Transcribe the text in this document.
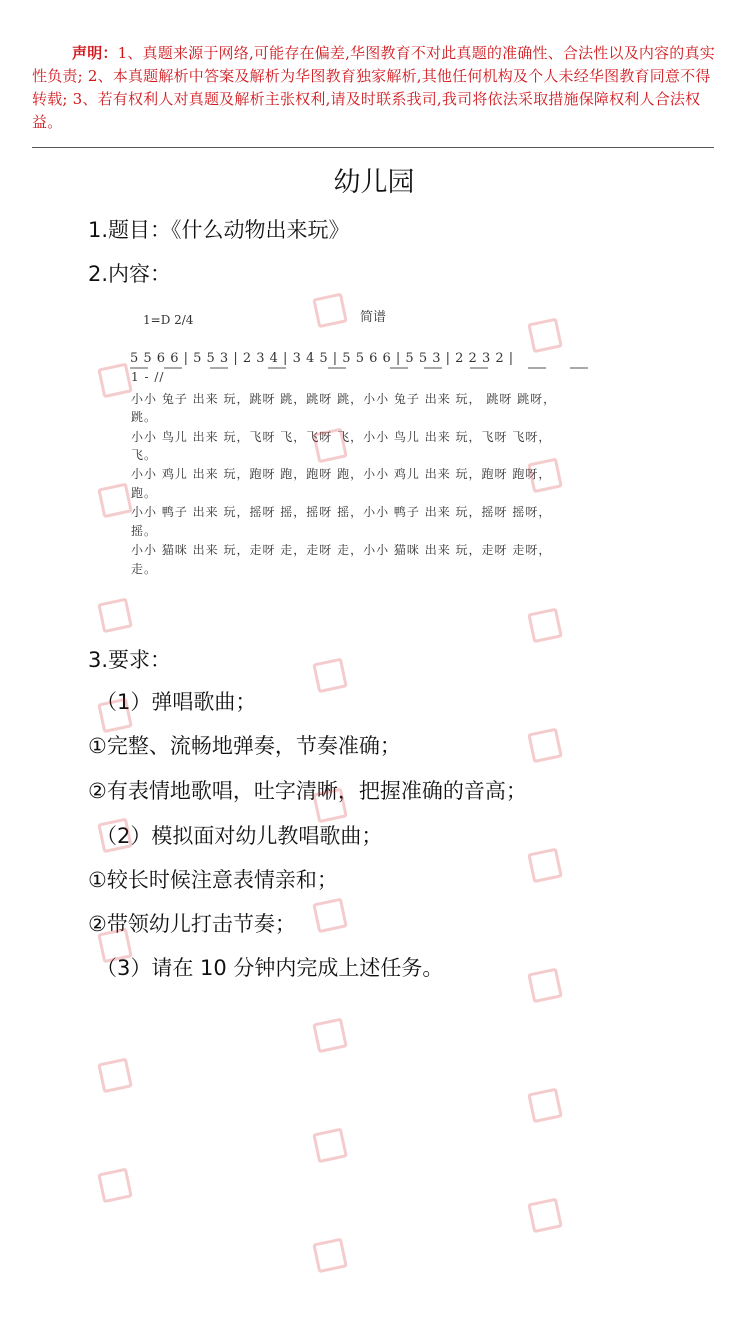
声明：1、真题来源于网络,可能存在偏差,华图教育不对此真题的准确性、合法性以及内容的真实性负责; 2、本真题解析中答案及解析为华图教育独家解析,其他任何机构及个人未经华图教育同意不得转载; 3、若有权利人对真题及解析主张权利,请及时联系我司,我司将依法采取措施保障权利人合法权益。
幼儿园
1.题目：《什么动物出来玩》
2.内容：
简谱
1=D 2/4
5 5 6 6 | 5 5 3 | 2 3 4 | 3 4 5 | 5 5 6 6 | 5 5 3 | 2 2 3 2 |
1 - //
小小 兔子 出来 玩，跳呀 跳，跳呀 跳，小小 兔子 出来 玩， 跳呀 跳呀，
跳。
小小 鸟儿 出来 玩，飞呀 飞，飞呀 飞，小小 鸟儿 出来 玩，飞呀 飞呀，
飞。
小小 鸡儿 出来 玩，跑呀 跑，跑呀 跑，小小 鸡儿 出来 玩，跑呀 跑呀，
跑。
小小 鸭子 出来 玩，摇呀 摇，摇呀 摇，小小 鸭子 出来 玩，摇呀 摇呀，
摇。
小小 猫咪 出来 玩，走呀 走，走呀 走，小小 猫咪 出来 玩，走呀 走呀，
走。
3.要求：
（1）弹唱歌曲；
①完整、流畅地弹奏，节奏准确；
②有表情地歌唱，吐字清晰，把握准确的音高；
（2）模拟面对幼儿教唱歌曲；
①较长时候注意表情亲和；
②带领幼儿打击节奏；
（3）请在 10 分钟内完成上述任务。
